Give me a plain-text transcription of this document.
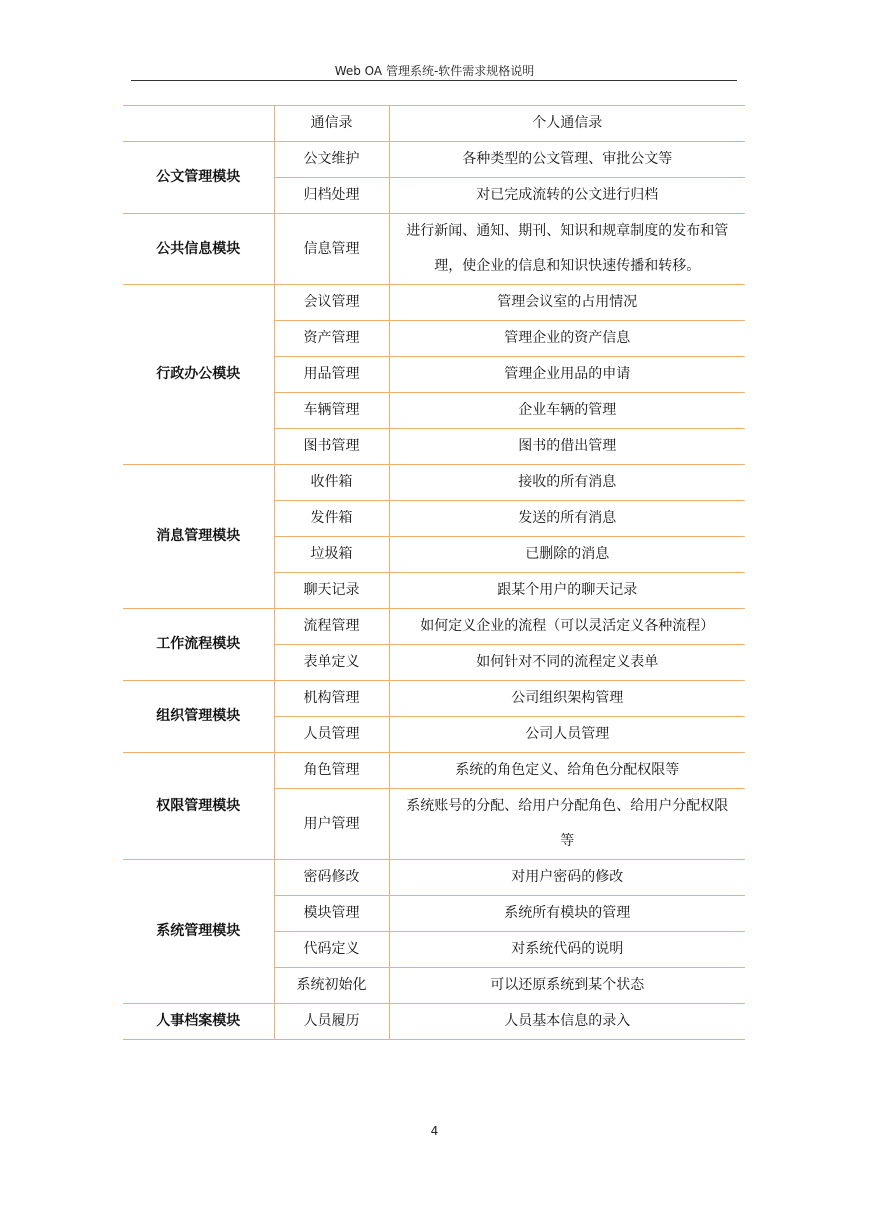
Web OA 管理系统-软件需求规格说明
	通信录	个人通信录
公文管理模块	公文维护	各种类型的公文管理、审批公文等
	归档处理	对已完成流转的公文进行归档
公共信息模块	信息管理	进行新闻、通知、期刊、知识和规章制度的发布和管理，使企业的信息和知识快速传播和转移。
行政办公模块	会议管理	管理会议室的占用情况
	资产管理	管理企业的资产信息
	用品管理	管理企业用品的申请
	车辆管理	企业车辆的管理
	图书管理	图书的借出管理
消息管理模块	收件箱	接收的所有消息
	发件箱	发送的所有消息
	垃圾箱	已删除的消息
	聊天记录	跟某个用户的聊天记录
工作流程模块	流程管理	如何定义企业的流程（可以灵活定义各种流程）
	表单定义	如何针对不同的流程定义表单
组织管理模块	机构管理	公司组织架构管理
	人员管理	公司人员管理
权限管理模块	角色管理	系统的角色定义、给角色分配权限等
	用户管理	系统账号的分配、给用户分配角色、给用户分配权限等
系统管理模块	密码修改	对用户密码的修改
	模块管理	系统所有模块的管理
	代码定义	对系统代码的说明
	系统初始化	可以还原系统到某个状态
人事档案模块	人员履历	人员基本信息的录入
4
